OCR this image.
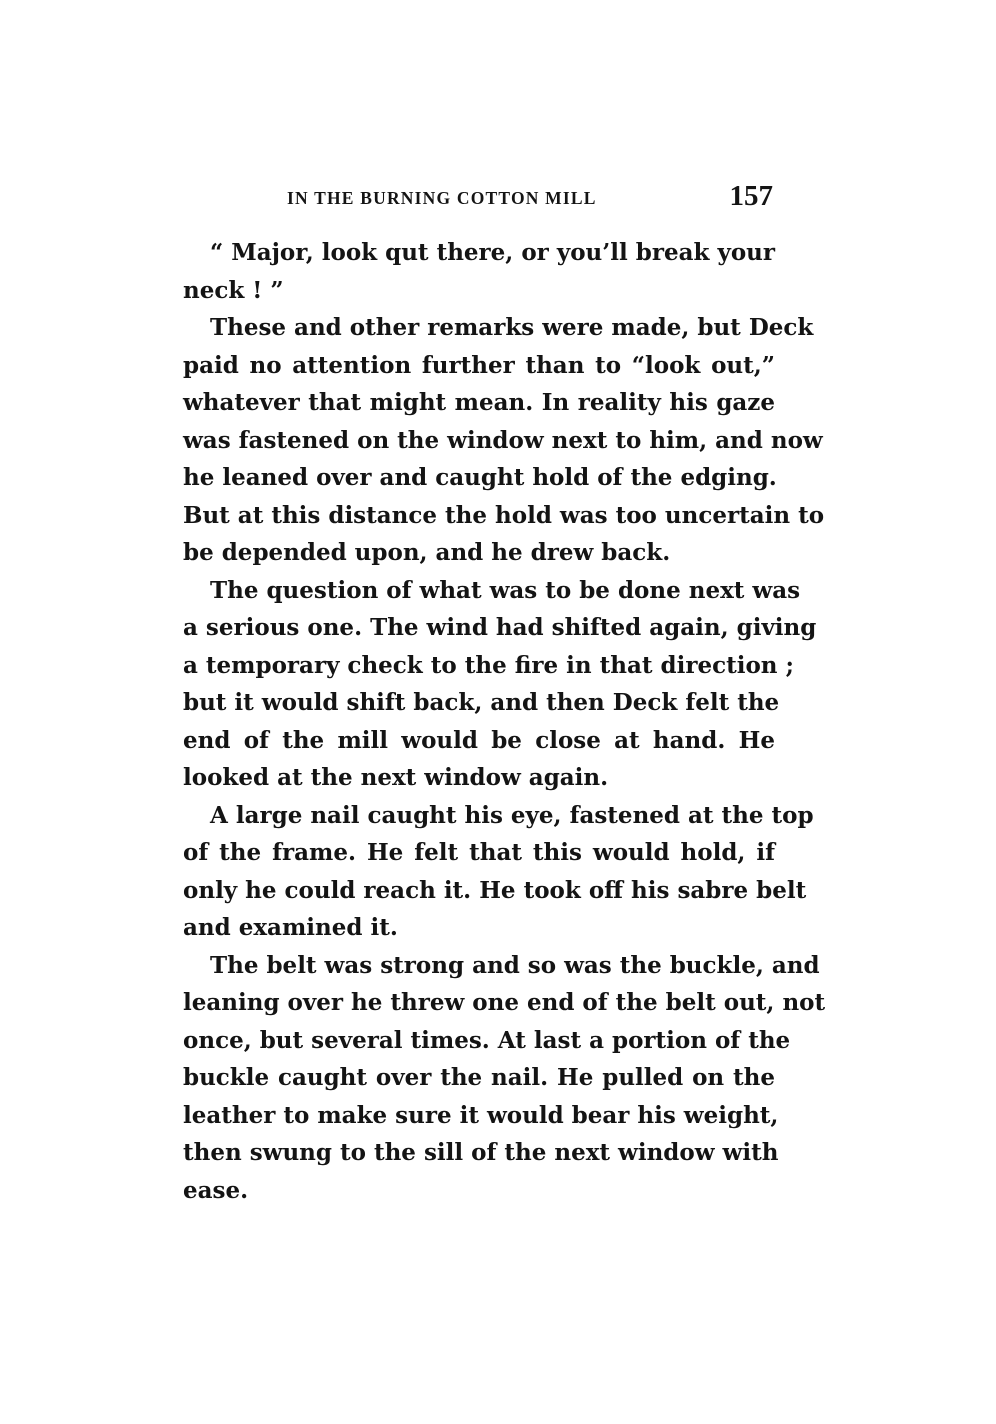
IN THE BURNING COTTON MILL	157

“ Major, look qut there, or you’ll break your
neck ! ”

These and other remarks were made, but Deck
paid no attention further than to “look out,”
whatever that might mean. In reality his gaze
was fastened on the window next to him, and now
he leaned over and caught hold of the edging.
But at this distance the hold was too uncertain to
be depended upon, and he drew back.

The question of what was to be done next was
a serious one. The wind had shifted again, giving
a temporary check to the fire in that direction ;
but it would shift back, and then Deck felt the
end of the mill would be close at hand. He
looked at the next window again.

A large nail caught his eye, fastened at the top
of the frame. He felt that this would hold, if
only he could reach it. He took off his sabre belt
and examined it.

The belt was strong and so was the buckle, and
leaning over he threw one end of the belt out, not
once, but several times. At last a portion of the
buckle caught over the nail. He pulled on the
leather to make sure it would bear his weight,
then swung to the sill of the next window with
ease.
